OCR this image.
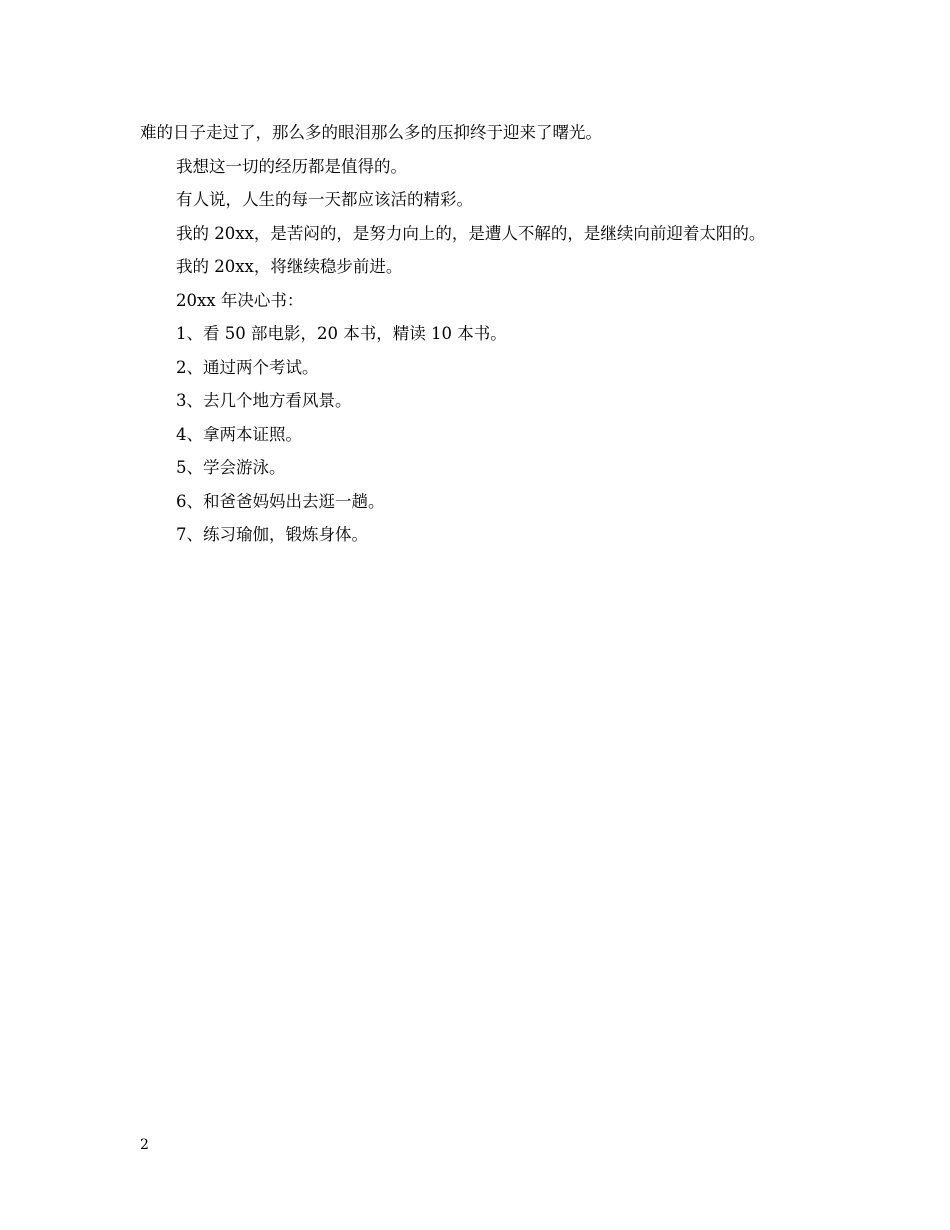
难的日子走过了，那么多的眼泪那么多的压抑终于迎来了曙光。

我想这一切的经历都是值得的。

有人说，人生的每一天都应该活的精彩。

我的 20xx，是苦闷的，是努力向上的，是遭人不解的，是继续向前迎着太阳的。

我的 20xx，将继续稳步前进。

20xx 年决心书：

1、看 50 部电影，20 本书，精读 10 本书。

2、通过两个考试。

3、去几个地方看风景。

4、拿两本证照。

5、学会游泳。

6、和爸爸妈妈出去逛一趟。

7、练习瑜伽，锻炼身体。

2
